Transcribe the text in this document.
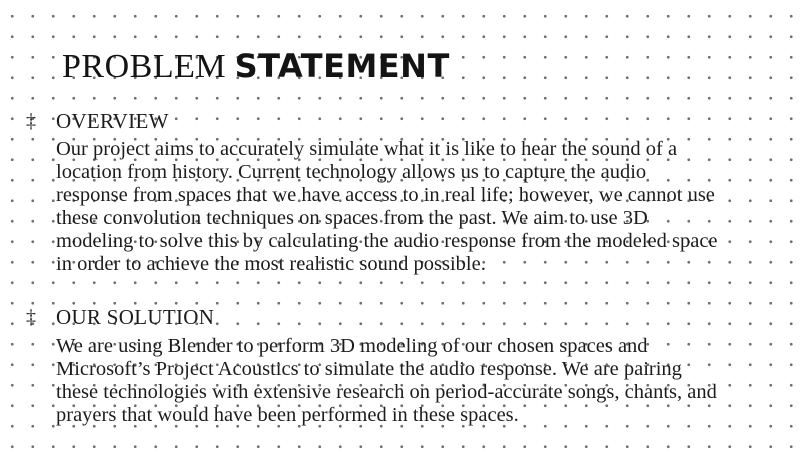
PROBLEM STATEMENT
‡ OVERVIEW

Our project aims to accurately simulate what it is like to hear the sound of a
location from history. Current technology allows us to capture the audio
response from spaces that we have access to in real life; however, we cannot use
these convolution techniques on spaces from the past. We aim to use 3D
modeling to solve this by calculating the audio response from the modeled space
in order to achieve the most realistic sound possible.

‡ OUR SOLUTION

We are using Blender to perform 3D modeling of our chosen spaces and
Microsoft’s Project Acoustics to simulate the audio response. We are pairing
these technologies with extensive research on period-accurate songs, chants, and
prayers that would have been performed in these spaces.
